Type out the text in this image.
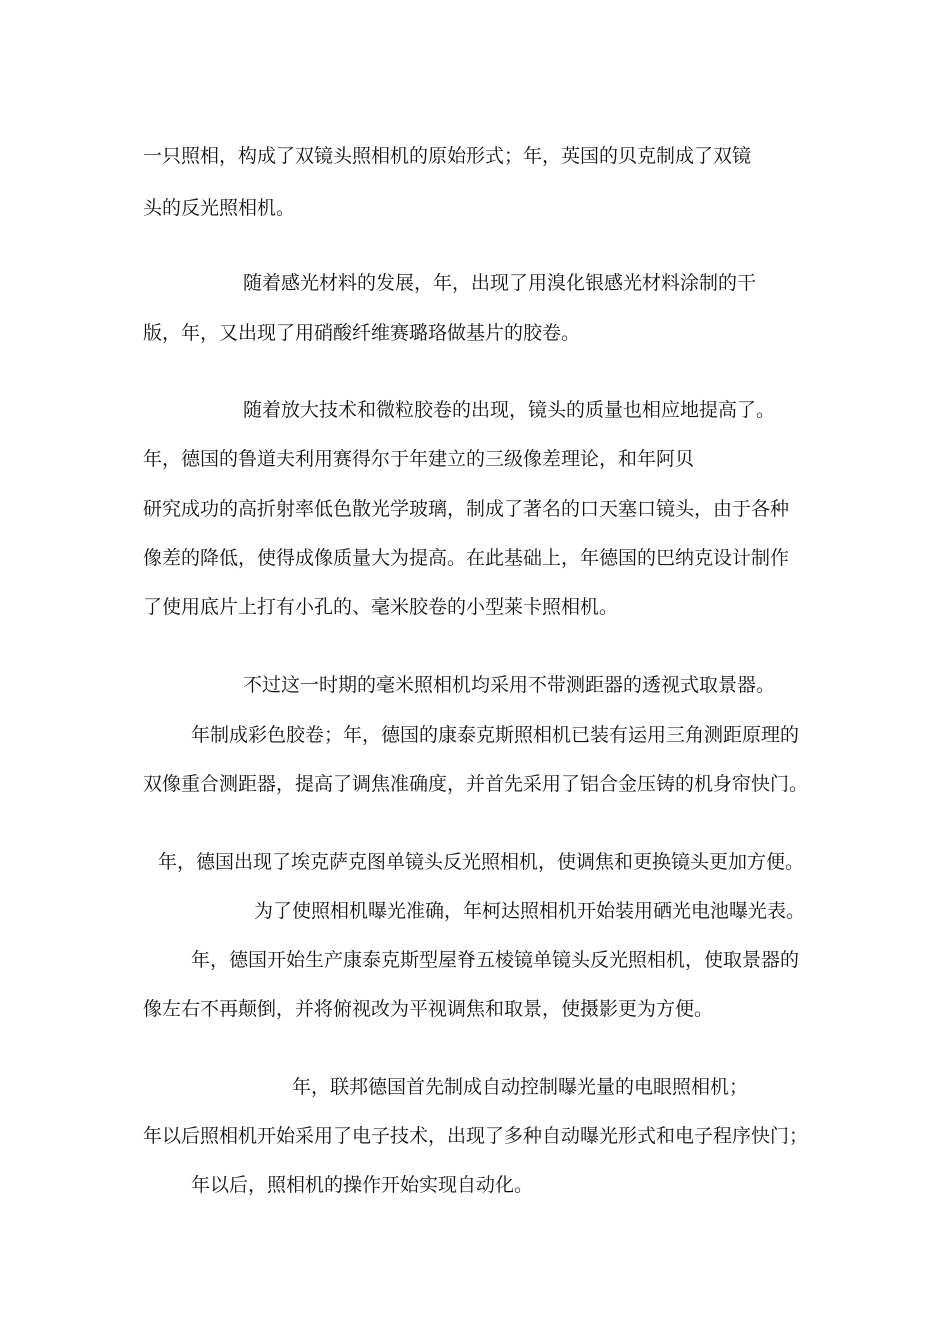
一只照相，构成了双镜头照相机的原始形式；年，英国的贝克制成了双镜
头的反光照相机。
随着感光材料的发展，年，出现了用溴化银感光材料涂制的干
版，年，又出现了用硝酸纤维赛璐珞做基片的胶卷。
随着放大技术和微粒胶卷的出现，镜头的质量也相应地提高了。
年，德国的鲁道夫利用赛得尔于年建立的三级像差理论，和年阿贝
研究成功的高折射率低色散光学玻璃，制成了著名的口天塞口镜头，由于各种
像差的降低，使得成像质量大为提高。在此基础上，年德国的巴纳克设计制作
了使用底片上打有小孔的、毫米胶卷的小型莱卡照相机。
不过这一时期的毫米照相机均采用不带测距器的透视式取景器。
年制成彩色胶卷；年，德国的康泰克斯照相机已装有运用三角测距原理的
双像重合测距器，提高了调焦准确度，并首先采用了铝合金压铸的机身帘快门。
年，德国出现了埃克萨克图单镜头反光照相机，使调焦和更换镜头更加方便。
为了使照相机曝光准确，年柯达照相机开始装用硒光电池曝光表。
年，德国开始生产康泰克斯型屋脊五棱镜单镜头反光照相机，使取景器的
像左右不再颠倒，并将俯视改为平视调焦和取景，使摄影更为方便。
年，联邦德国首先制成自动控制曝光量的电眼照相机；
年以后照相机开始采用了电子技术，出现了多种自动曝光形式和电子程序快门；
年以后，照相机的操作开始实现自动化。
